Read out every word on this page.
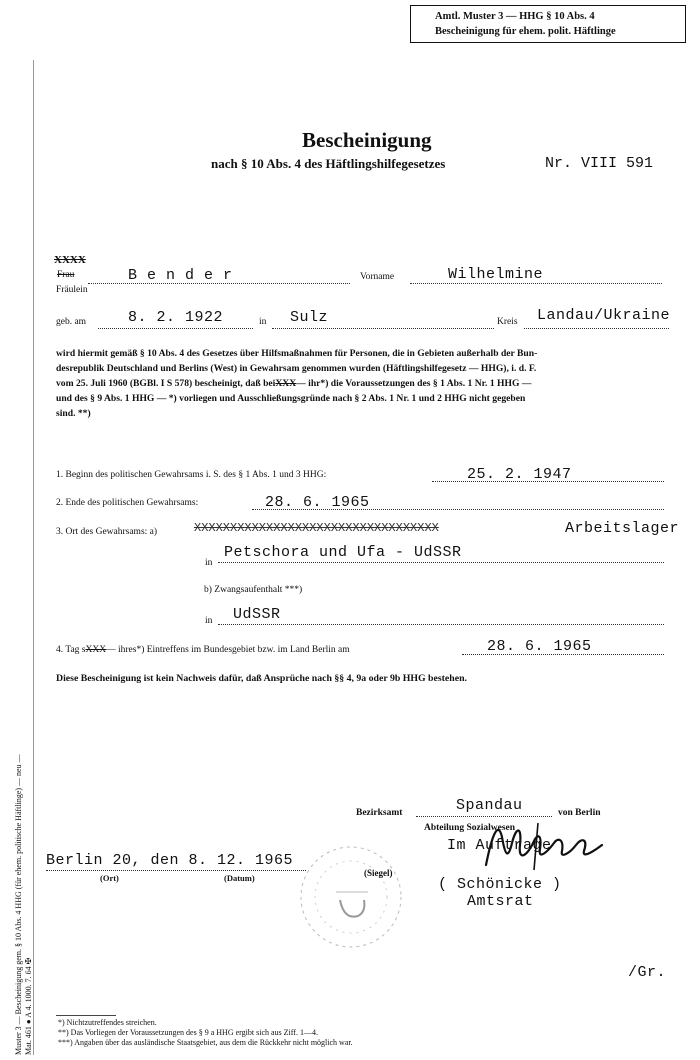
Muster 3 — Bescheinigung gem. § 10 Abs. 4 HHG (für ehem. politische Häftlinge) — neu — Mat. 461 ● A 4. 1000. 7. 64 ✠
Amtl. Muster 3 — HHG § 10 Abs. 4
Bescheinigung für ehem. polit. Häftlinge
Bescheinigung
nach § 10 Abs. 4 des Häftlingshilfegesetzes	Nr. VIII 591
XXXX
Frau
Fräulein
B e n d e r	Vorname	Wilhelmine
geb. am	8. 2. 1922	in Sulz	Kreis Landau/Ukraine
wird hiermit gemäß § 10 Abs. 4 des Gesetzes über Hilfsmaßnahmen für Personen, die in Gebieten außerhalb der Bun-
desrepublik Deutschland und Berlins (West) in Gewahrsam genommen wurden (Häftlingshilfegesetz — HHG), i. d. F.
vom 25. Juli 1960 (BGBl. I S 578) bescheinigt, daß beiXXX— ihr*) die Voraussetzungen des § 1 Abs. 1 Nr. 1 HHG —
und des § 9 Abs. 1 HHG — *) vorliegen und Ausschließungsgründe nach § 2 Abs. 1 Nr. 1 und 2 HHG nicht gegeben
sind. **)
1. Beginn des politischen Gewahrsams i. S. des § 1 Abs. 1 und 3 HHG:	25. 2. 1947
2. Ende des politischen Gewahrsams:	28. 6. 1965
3. Ort des Gewahrsams: a)	XXXXXXXXXXXXXXXXXXXXXXXXXXXXXXXXXX	Arbeitslager
in
Petschora und Ufa - UdSSR
b) Zwangsaufenthalt ***)
in UdSSR
4. Tag sXXX— ihres*) Eintreffens im Bundesgebiet bzw. im Land Berlin am	28. 6. 1965
Diese Bescheinigung ist kein Nachweis dafür, daß Ansprüche nach §§ 4, 9a oder 9b HHG bestehen.
Bezirksamt	Spandau	von Berlin
Abteilung Sozialwesen
Im Auftrage
(Siegel)
( Schönicke )
Amtsrat
Berlin 20, den 8. 12. 1965
(Ort)	(Datum)
/Gr.
*) Nichtzutreffendes streichen.
**) Das Vorliegen der Voraussetzungen des § 9 a HHG ergibt sich aus Ziff. 1—4.
***) Angaben über das ausländische Staatsgebiet, aus dem die Rückkehr nicht möglich war.
